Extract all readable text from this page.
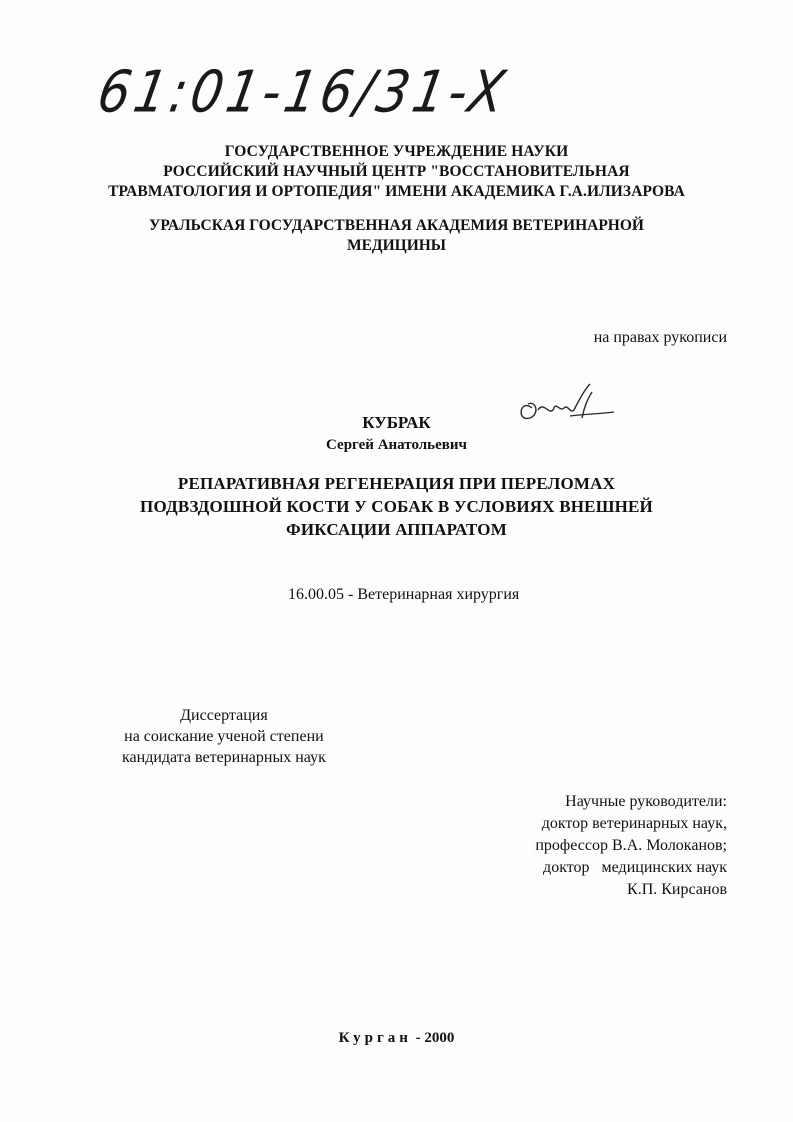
61:01-16/31-X
ГОСУДАРСТВЕННОЕ УЧРЕЖДЕНИЕ НАУКИ
РОССИЙСКИЙ НАУЧНЫЙ ЦЕНТР "ВОССТАНОВИТЕЛЬНАЯ
ТРАВМАТОЛОГИЯ И ОРТОПЕДИЯ" ИМЕНИ АКАДЕМИКА Г.А.ИЛИЗАРОВА
УРАЛЬСКАЯ ГОСУДАРСТВЕННАЯ АКАДЕМИЯ ВЕТЕРИНАРНОЙ
МЕДИЦИНЫ
на правах рукописи
КУБРАК
Сергей Анатольевич
РЕПАРАТИВНАЯ РЕГЕНЕРАЦИЯ ПРИ ПЕРЕЛОМАХ
ПОДВЗДОШНОЙ КОСТИ У СОБАК В УСЛОВИЯХ ВНЕШНЕЙ
ФИКСАЦИИ АППАРАТОМ
16.00.05 - Ветеринарная хирургия
Диссертация
на соискание ученой степени
кандидата ветеринарных наук
Научные руководители:
доктор ветеринарных наук,
профессор В.А. Молоканов;
доктор   медицинских наук
К.П. Кирсанов
Курган - 2000
